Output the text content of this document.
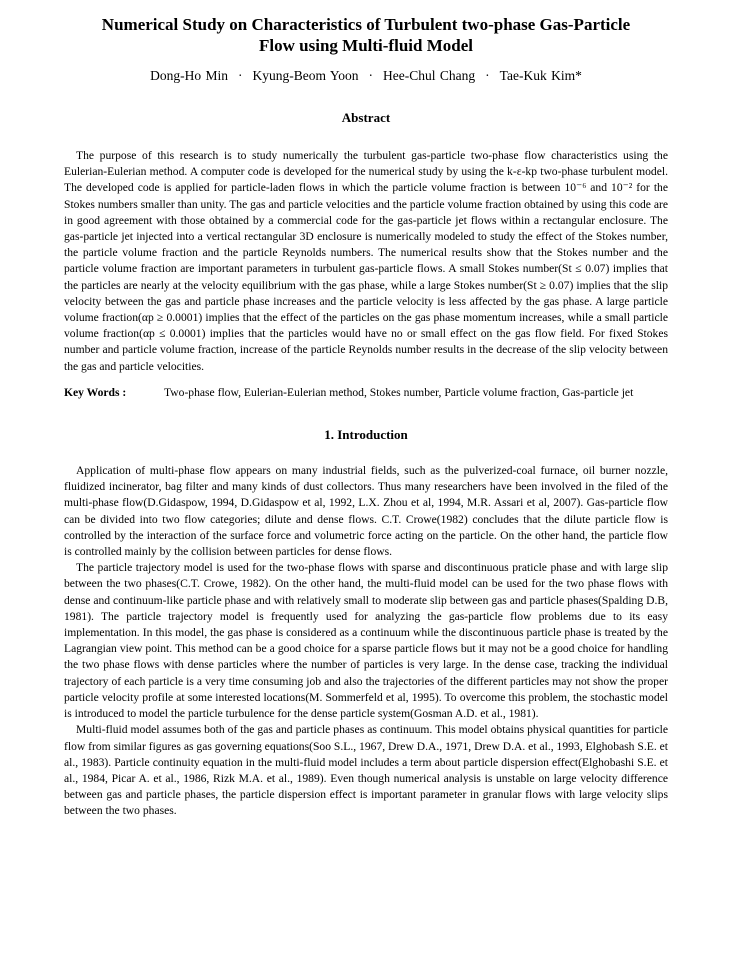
Numerical Study on Characteristics of Turbulent two-phase Gas-Particle
Flow using Multi-fluid Model

Dong-Ho Min · Kyung-Beom Yoon · Hee-Chul Chang · Tae-Kuk Kim*
Abstract

The purpose of this research is to study numerically the turbulent gas-particle two-phase flow characteristics using the Eulerian-Eulerian method. A computer code is developed for the numerical study by using the k-ε-kp two-phase turbulent model. The developed code is applied for particle-laden flows in which the particle volume fraction is between 10⁻⁶ and 10⁻² for the Stokes numbers smaller than unity. The gas and particle velocities and the particle volume fraction obtained by using this code are in good agreement with those obtained by a commercial code for the gas-particle jet flows within a rectangular enclosure. The gas-particle jet injected into a vertical rectangular 3D enclosure is numerically modeled to study the effect of the Stokes number, the particle volume fraction and the particle Reynolds numbers. The numerical results show that the Stokes number and the particle volume fraction are important parameters in turbulent gas-particle flows. A small Stokes number(St ≤ 0.07) implies that the particles are nearly at the velocity equilibrium with the gas phase, while a large Stokes number(St ≥ 0.07) implies that the slip velocity between the gas and particle phase increases and the particle velocity is less affected by the gas phase. A large particle volume fraction(αp ≥ 0.0001) implies that the effect of the particles on the gas phase momentum increases, while a small particle volume fraction(αp ≤ 0.0001) implies that the particles would have no or small effect on the gas flow field. For fixed Stokes number and particle volume fraction, increase of the particle Reynolds number results in the decrease of the slip velocity between the gas and particle velocities.

Key Words :	Two-phase flow, Eulerian-Eulerian method, Stokes number, Particle volume fraction, Gas-particle jet
1. Introduction

Application of multi-phase flow appears on many industrial fields, such as the pulverized-coal furnace, oil burner nozzle, fluidized incinerator, bag filter and many kinds of dust collectors. Thus many researchers have been involved in the filed of the multi-phase flow(D.Gidaspow, 1994, D.Gidaspow et al, 1992, L.X. Zhou et al, 1994, M.R. Assari et al, 2007). Gas-particle flow can be divided into two flow categories; dilute and dense flows. C.T. Crowe(1982) concludes that the dilute particle flow is controlled by the interaction of the surface force and volumetric force acting on the particle. On the other hand, the particle flow is controlled mainly by the collision between particles for dense flows.

The particle trajectory model is used for the two-phase flows with sparse and discontinuous praticle phase and with large slip between the two phases(C.T. Crowe, 1982). On the other hand, the multi-fluid model can be used for the two phase flows with dense and continuum-like particle phase and with relatively small to moderate slip between gas and particle phases(Spalding D.B, 1981). The particle trajectory model is frequently used for analyzing the gas-particle flow problems due to its easy implementation. In this model, the gas phase is considered as a continuum while the discontinuous particle phase is treated by the Lagrangian view point. This method can be a good choice for a sparse particle flows but it may not be a good choice for handling the two phase flows with dense particles where the number of particles is very large. In the dense case, tracking the individual trajectory of each particle is a very time consuming job and also the trajectories of the different particles may not show the proper particle velocity profile at some interested locations(M. Sommerfeld et al, 1995). To overcome this problem, the stochastic model is introduced to model the particle turbulence for the dense particle system(Gosman A.D. et al., 1981).

Multi-fluid model assumes both of the gas and particle phases as continuum. This model obtains physical quantities for particle flow from similar figures as gas governing equations(Soo S.L., 1967, Drew D.A., 1971, Drew D.A. et al., 1993, Elghobash S.E. et al., 1983). Particle continuity equation in the multi-fluid model includes a term about particle dispersion effect(Elghobashi S.E. et al., 1984, Picar A. et al., 1986, Rizk M.A. et al., 1989). Even though numerical analysis is unstable on large velocity difference between gas and particle phases, the particle dispersion effect is important parameter in granular flows with large velocity slips between the two phases.
